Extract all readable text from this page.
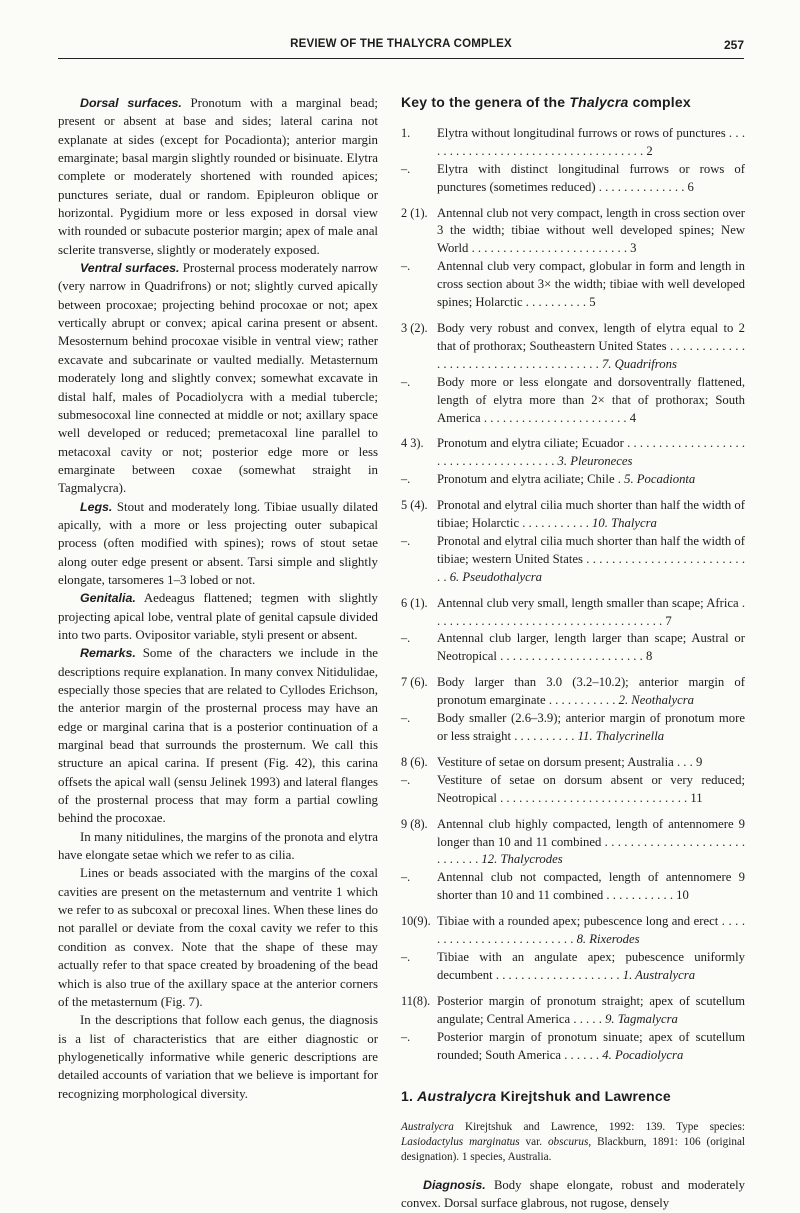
REVIEW OF THE THALYCRA COMPLEX	257

Dorsal surfaces. Pronotum with a marginal bead; present or absent at base and sides; lateral carina not explanate at sides (except for Pocadionta); anterior margin emarginate; basal margin slightly rounded or bisinuate. Elytra complete or moderately shortened with rounded apices; punctures seriate, dual or random. Epipleuron oblique or horizontal. Pygidium more or less exposed in dorsal view with rounded or subacute posterior margin; apex of male anal sclerite transverse, slightly or moderately exposed.

Ventral surfaces. Prosternal process moderately narrow (very narrow in Quadrifrons) or not; slightly curved apically between procoxae; projecting behind procoxae or not; apex vertically abrupt or convex; apical carina present or absent. Mesosternum behind procoxae visible in ventral view; rather excavate and subcarinate or vaulted medially. Metasternum moderately long and slightly convex; somewhat excavate in distal half, males of Pocadiolycra with a medial tubercle; submesocoxal line connected at middle or not; axillary space well developed or reduced; premetacoxal line parallel to metacoxal cavity or not; posterior edge more or less emarginate between coxae (somewhat straight in Tagmalycra).

Legs. Stout and moderately long. Tibiae usually dilated apically, with a more or less projecting outer subapical process (often modified with spines); rows of stout setae along outer edge present or absent. Tarsi simple and slightly elongate, tarsomeres 1–3 lobed or not.

Genitalia. Aedeagus flattened; tegmen with slightly projecting apical lobe, ventral plate of genital capsule divided into two parts. Ovipositor variable, styli present or absent.

Remarks. Some of the characters we include in the descriptions require explanation. In many convex Nitidulidae, especially those species that are related to Cyllodes Erichson, the anterior margin of the prosternal process may have an edge or marginal carina that is a posterior continuation of a marginal bead that surrounds the prosternum. We call this structure an apical carina. If present (Fig. 42), this carina offsets the apical wall (sensu Jelinek 1993) and lateral flanges of the prosternal process that may form a partial cowling behind the procoxae.

In many nitidulines, the margins of the pronota and elytra have elongate setae which we refer to as cilia.

Lines or beads associated with the margins of the coxal cavities are present on the metasternum and ventrite 1 which we refer to as subcoxal or precoxal lines. When these lines do not parallel or deviate from the coxal cavity we refer to this condition as convex. Note that the shape of these may actually refer to that space created by broadening of the bead which is also true of the axillary space at the anterior corners of the metasternum (Fig. 7).

In the descriptions that follow each genus, the diagnosis is a list of characteristics that are either diagnostic or phylogenetically informative while generic descriptions are detailed accounts of variation that we believe is important for recognizing morphological diversity.

Key to the genera of the Thalycra complex
1.	Elytra without longitudinal furrows or rows of punctures . . . . . . . . . . . . . . . . . . . . . . . . . . . . . . . . . . . . 2
–.	Elytra with distinct longitudinal furrows or rows of punctures (sometimes reduced) . . . . . . . . . . . . . . 6
2 (1). Antennal club not very compact, length in cross section over 3 the width; tibiae without well developed spines; New World . . . . . . . . . . . . . . . . . . . . . . . . . 3
–.	Antennal club very compact, globular in form and length in cross section about 3× the width; tibiae with well developed spines; Holarctic . . . . . . . . . . 5
3 (2). Body very robust and convex, length of elytra equal to 2 that of prothorax; Southeastern United States . . . . . . . . . . . . . . . . . . . . . . . . . . . . . . . . . . . . . . 7. Quadrifrons
–.	Body more or less elongate and dorsoventrally flattened, length of elytra more than 2× that of prothorax; South America . . . . . . . . . . . . . . . . . . . . . . . 4
4 3).	Pronotum and elytra ciliate; Ecuador . . . . . . . . . . . . . . . . . . . . . . . . . . . . . . . . . . . . . . 3. Pleuroneces
–.	Pronotum and elytra aciliate; Chile . 5. Pocadionta
5 (4). Pronotal and elytral cilia much shorter than half the width of tibiae; Holarctic . . . . . . . . . . . 10. Thalycra
–.	Pronotal and elytral cilia much shorter than half the width of tibiae; western United States . . . . . . . . . . . . . . . . . . . . . . . . . . . 6. Pseudothalycra
6 (1). Antennal club very small, length smaller than scape; Africa . . . . . . . . . . . . . . . . . . . . . . . . . . . . . . . . . . . . . 7
–.	Antennal club larger, length larger than scape; Austral or Neotropical . . . . . . . . . . . . . . . . . . . . . . . 8
7 (6). Body larger than 3.0 (3.2–10.2); anterior margin of pronotum emarginate . . . . . . . . . . . 2. Neothalycra
–.	Body smaller (2.6–3.9); anterior margin of pronotum more or less straight . . . . . . . . . . 11. Thalycrinella
8 (6). Vestiture of setae on dorsum present; Australia . . . 9
–.	Vestiture of setae on dorsum absent or very reduced; Neotropical . . . . . . . . . . . . . . . . . . . . . . . . . . . . . . 11
9 (8). Antennal club highly compacted, length of antennomere 9 longer than 10 and 11 combined . . . . . . . . . . . . . . . . . . . . . . . . . . . . . 12. Thalycrodes
–.	Antennal club not compacted, length of antennomere 9 shorter than 10 and 11 combined . . . . . . . . . . . 10
10(9). Tibiae with a rounded apex; pubescence long and erect . . . . . . . . . . . . . . . . . . . . . . . . . . 8. Rixerodes
–.	Tibiae with an angulate apex; pubescence uniformly decumbent . . . . . . . . . . . . . . . . . . . . 1. Australycra
11(8). Posterior margin of pronotum straight; apex of scutellum angulate; Central America . . . . . 9. Tagmalycra
–.	Posterior margin of pronotum sinuate; apex of scutellum rounded; South America . . . . . . 4. Pocadiolycra
1. Australycra Kirejtshuk and Lawrence
Australycra Kirejtshuk and Lawrence, 1992: 139. Type species: Lasiodactylus marginatus var. obscurus, Blackburn, 1891: 106 (original designation). 1 species, Australia.

Diagnosis. Body shape elongate, robust and moderately convex. Dorsal surface glabrous, not rugose, densely
